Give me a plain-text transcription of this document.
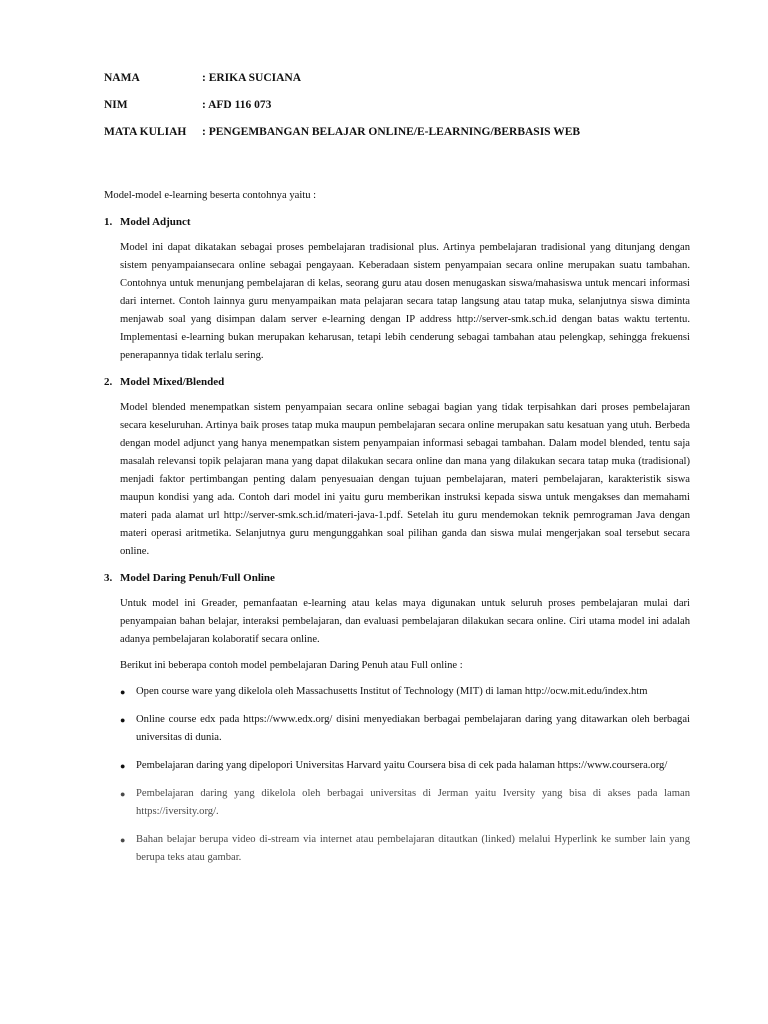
NAMA	: ERIKA SUCIANA
NIM	: AFD 116 073
MATA KULIAH	: PENGEMBANGAN BELAJAR ONLINE/E-LEARNING/BERBASIS WEB

Model-model e-learning beserta contohnya yaitu :

1. Model Adjunct

Model ini dapat dikatakan sebagai proses pembelajaran tradisional plus. Artinya pembelajaran tradisional yang ditunjang dengan sistem penyampaiansecara online sebagai pengayaan. Keberadaan sistem penyampaian secara online merupakan suatu tambahan. Contohnya untuk menunjang pembelajaran di kelas, seorang guru atau dosen menugaskan siswa/mahasiswa untuk mencari informasi dari internet. Contoh lainnya guru menyampaikan mata pelajaran secara tatap langsung atau tatap muka, selanjutnya siswa diminta menjawab soal yang disimpan dalam server e-learning dengan IP address http://server-smk.sch.id dengan batas waktu tertentu. Implementasi e-learning bukan merupakan keharusan, tetapi lebih cenderung sebagai tambahan atau pelengkap, sehingga frekuensi penerapannya tidak terlalu sering.

2. Model Mixed/Blended

Model blended menempatkan sistem penyampaian secara online sebagai bagian yang tidak terpisahkan dari proses pembelajaran secara keseluruhan. Artinya baik proses tatap muka maupun pembelajaran secara online merupakan satu kesatuan yang utuh. Berbeda dengan model adjunct yang hanya menempatkan sistem penyampaian informasi sebagai tambahan. Dalam model blended, tentu saja masalah relevansi topik pelajaran mana yang dapat dilakukan secara online dan mana yang dilakukan secara tatap muka (tradisional) menjadi faktor pertimbangan penting dalam penyesuaian dengan tujuan pembelajaran, materi pembelajaran, karakteristik siswa maupun kondisi yang ada. Contoh dari model ini yaitu guru memberikan instruksi kepada siswa untuk mengakses dan memahami materi pada alamat url http://server-smk.sch.id/materi-java-1.pdf. Setelah itu guru mendemokan teknik pemrograman Java dengan materi operasi aritmetika. Selanjutnya guru mengunggahkan soal pilihan ganda dan siswa mulai mengerjakan soal tersebut secara online.

3. Model Daring Penuh/Full Online

Untuk model ini Greader, pemanfaatan e-learning atau kelas maya digunakan untuk seluruh proses pembelajaran mulai dari penyampaian bahan belajar, interaksi pembelajaran, dan evaluasi pembelajaran dilakukan secara online. Ciri utama model ini adalah adanya pembelajaran kolaboratif secara online.

Berikut ini beberapa contoh model pembelajaran Daring Penuh atau Full online :

● Open course ware yang dikelola oleh Massachusetts Institut of Technology (MIT) di laman http://ocw.mit.edu/index.htm
● Online course edx pada https://www.edx.org/ disini menyediakan berbagai pembelajaran daring yang ditawarkan oleh berbagai universitas di dunia.
● Pembelajaran daring yang dipelopori Universitas Harvard yaitu Coursera bisa di cek pada halaman https://www.coursera.org/
● Pembelajaran daring yang dikelola oleh berbagai universitas di Jerman yaitu Iversity yang bisa di akses pada laman https://iversity.org/.
● Bahan belajar berupa video di-stream via internet atau pembelajaran ditautkan (linked) melalui Hyperlink ke sumber lain yang berupa teks atau gambar.
